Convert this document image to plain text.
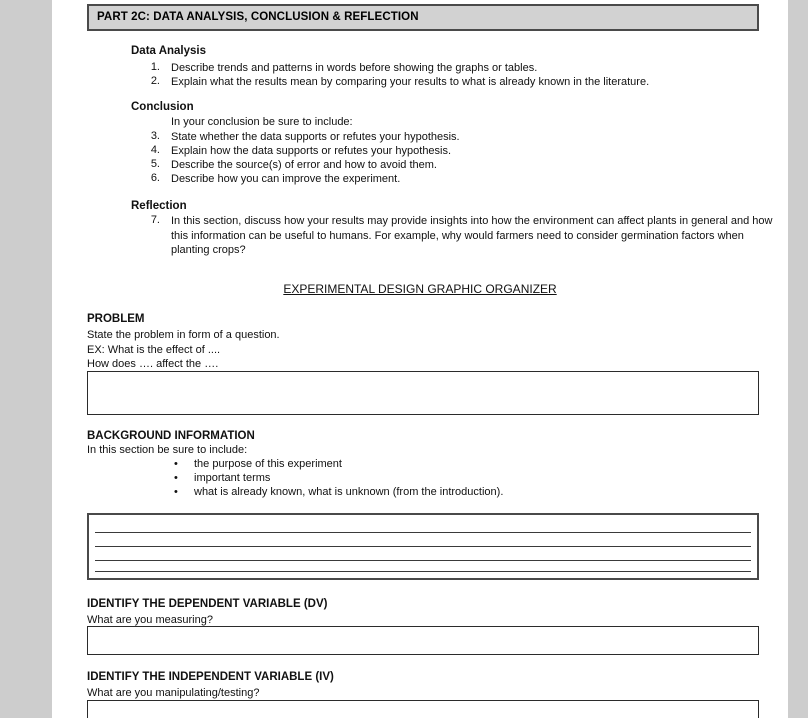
PART 2C: DATA ANALYSIS, CONCLUSION & REFLECTION
Data Analysis
1. Describe trends and patterns in words before showing the graphs or tables.
2. Explain what the results mean by comparing your results to what is already known in the literature.
Conclusion
In your conclusion be sure to include:
3. State whether the data supports or refutes your hypothesis.
4. Explain how the data supports or refutes your hypothesis.
5. Describe the source(s) of error and how to avoid them.
6. Describe how you can improve the experiment.
Reflection
7. In this section, discuss how your results may provide insights into how the environment can affect plants in general and how this information can be useful to humans. For example, why would farmers need to consider germination factors when planting crops?
EXPERIMENTAL DESIGN GRAPHIC ORGANIZER
PROBLEM
State the problem in form of a question.
EX: What is the effect of ....
How does …. affect the ….
BACKGROUND INFORMATION
In this section be sure to include:
• the purpose of this experiment
• important terms
• what is already known, what is unknown (from the introduction).
IDENTIFY THE DEPENDENT VARIABLE (DV)
What are you measuring?
IDENTIFY THE INDEPENDENT VARIABLE (IV)
What are you manipulating/testing?
